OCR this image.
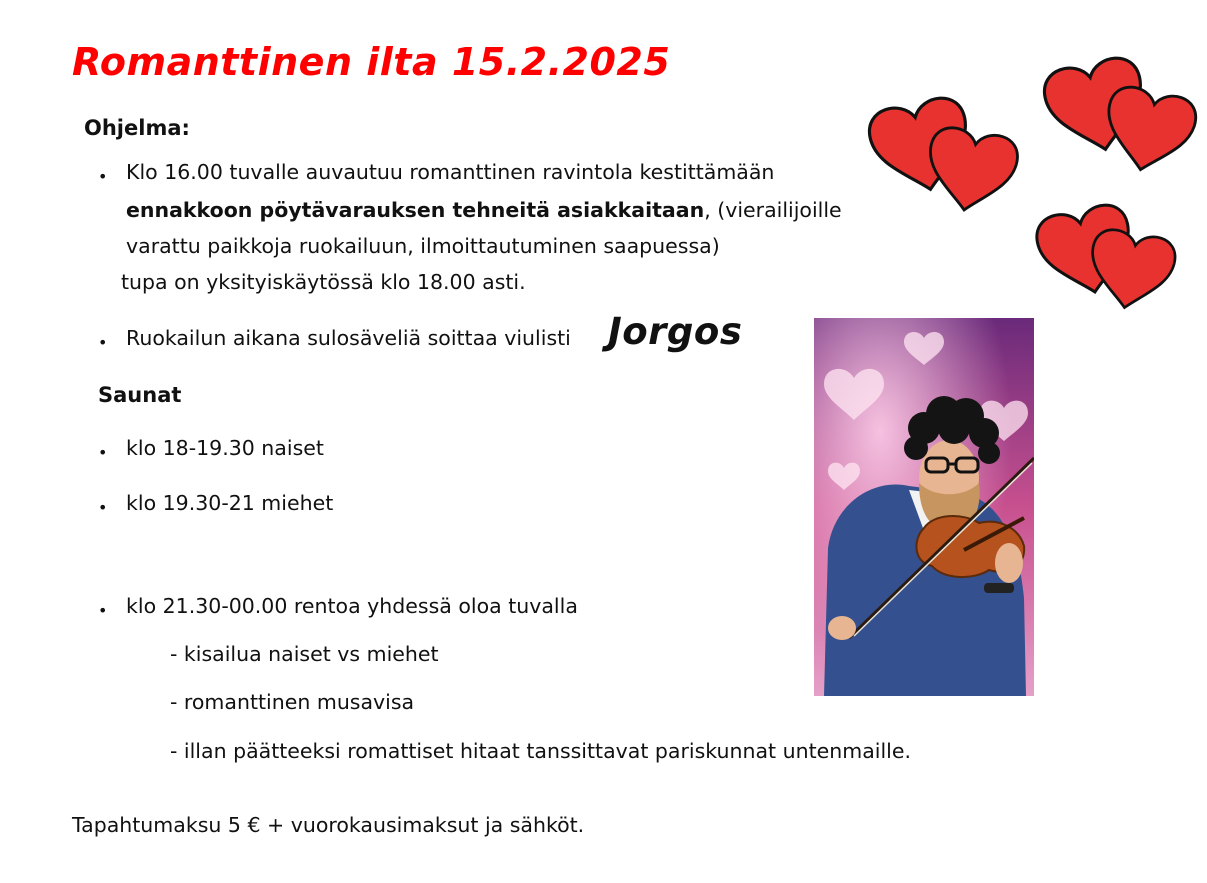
Romanttinen ilta 15.2.2025
Ohjelma:
• Klo 16.00 tuvalle auvautuu romanttinen ravintola kestittämään
ennakkoon pöytävarauksen tehneitä asiakkaitaan, (vierailijoille
varattu paikkoja ruokailuun, ilmoittautuminen saapuessa)
tupa on yksityiskäytössä klo 18.00 asti.
• Ruokailun aikana sulosäveliä soittaa viulisti Jorgos
Saunat
• klo 18-19.30 naiset
• klo 19.30-21 miehet
• klo 21.30-00.00 rentoa yhdessä oloa tuvalla
- kisailua naiset vs miehet
- romanttinen musavisa
- illan päätteeksi romattiset hitaat tanssittavat pariskunnat untenmaille.
Tapahtumaksu 5 € + vuorokausimaksut ja sähköt.
